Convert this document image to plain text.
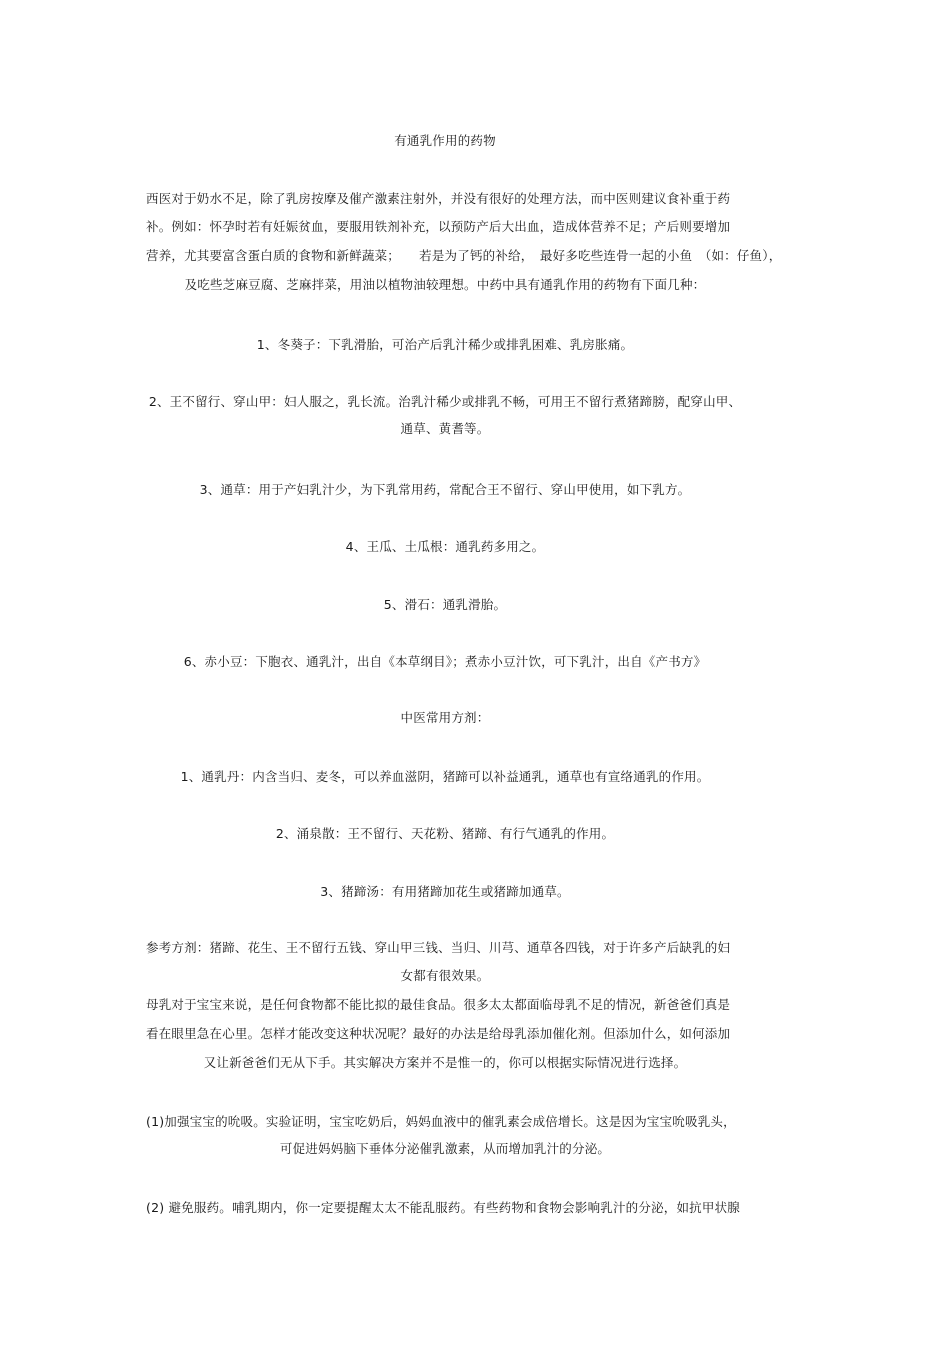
有通乳作用的药物
西医对于奶水不足，除了乳房按摩及催产激素注射外，并没有很好的处理方法，而中医则建议食补重于药
补。例如：怀孕时若有妊娠贫血，要服用铁剂补充，以预防产后大出血，造成体营养不足；产后则要增加
营养，尤其要富含蛋白质的食物和新鲜蔬菜；　　若是为了钙的补给，　最好多吃些连骨一起的小鱼　（如：仔鱼），
及吃些芝麻豆腐、芝麻拌菜，用油以植物油较理想。中药中具有通乳作用的药物有下面几种：
1、冬葵子：下乳滑胎，可治产后乳汁稀少或排乳困难、乳房胀痛。
2、王不留行、穿山甲：妇人服之，乳长流。治乳汁稀少或排乳不畅，可用王不留行煮猪蹄膀，配穿山甲、
通草、黄耆等。
3、通草：用于产妇乳汁少，为下乳常用药，常配合王不留行、穿山甲使用，如下乳方。
4、王瓜、土瓜根：通乳药多用之。
5、滑石：通乳滑胎。
6、赤小豆：下胞衣、通乳汁，出自《本草纲目》；煮赤小豆汁饮，可下乳汁，出自《产书方》
中医常用方剂：
1、通乳丹：内含当归、麦冬，可以养血滋阴，猪蹄可以补益通乳，通草也有宣络通乳的作用。
2、涌泉散：王不留行、天花粉、猪蹄、有行气通乳的作用。
3、猪蹄汤：有用猪蹄加花生或猪蹄加通草。
参考方剂：猪蹄、花生、王不留行五钱、穿山甲三钱、当归、川芎、通草各四钱，对于许多产后缺乳的妇
女都有很效果。
母乳对于宝宝来说，是任何食物都不能比拟的最佳食品。很多太太都面临母乳不足的情况，新爸爸们真是
看在眼里急在心里。怎样才能改变这种状况呢？最好的办法是给母乳添加催化剂。但添加什么，如何添加
又让新爸爸们无从下手。其实解决方案并不是惟一的，你可以根据实际情况进行选择。
(1)加强宝宝的吮吸。实验证明，宝宝吃奶后，妈妈血液中的催乳素会成倍增长。这是因为宝宝吮吸乳头，
可促进妈妈脑下垂体分泌催乳激素，从而增加乳汁的分泌。
(2) 避免服药。哺乳期内，你一定要提醒太太不能乱服药。有些药物和食物会影响乳汁的分泌，如抗甲状腺
